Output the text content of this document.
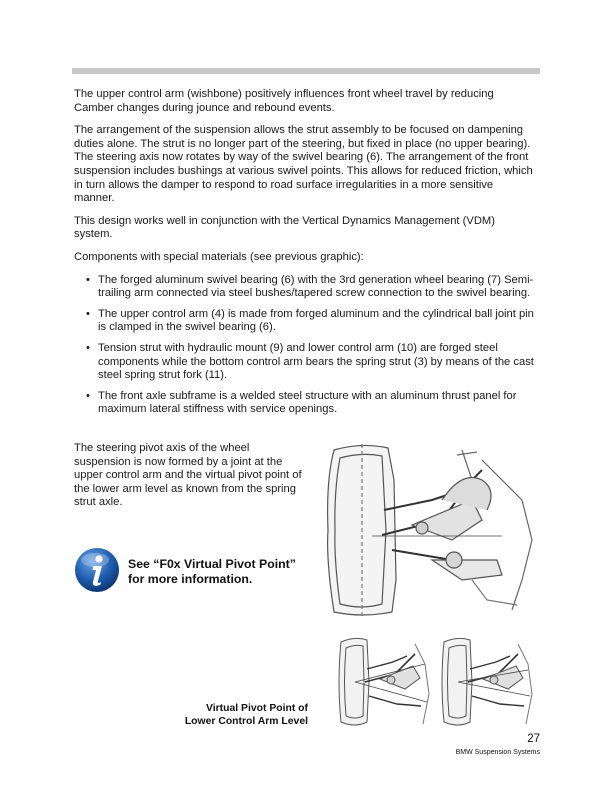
The upper control arm (wishbone) positively influences front wheel travel by reducing Camber changes during jounce and rebound events.

The arrangement of the suspension allows the strut assembly to be focused on dampening duties alone. The strut is no longer part of the steering, but fixed in place (no upper bearing). The steering axis now rotates by way of the swivel bearing (6). The arrangement of the front suspension includes bushings at various swivel points. This allows for reduced friction, which in turn allows the damper to respond to road surface irregularities in a more sensitive manner.

This design works well in conjunction with the Vertical Dynamics Management (VDM) system.

Components with special materials (see previous graphic):

• The forged aluminum swivel bearing (6) with the 3rd generation wheel bearing (7) Semi-trailing arm connected via steel bushes/tapered screw connection to the swivel bearing.
• The upper control arm (4) is made from forged aluminum and the cylindrical ball joint pin is clamped in the swivel bearing (6).
• Tension strut with hydraulic mount (9) and lower control arm (10) are forged steel components while the bottom control arm bears the spring strut (3) by means of the cast steel spring strut fork (11).
• The front axle subframe is a welded steel structure with an aluminum thrust panel for maximum lateral stiffness with service openings.

The steering pivot axis of the wheel suspension is now formed by a joint at the upper control arm and the virtual pivot point of the lower arm level as known from the spring strut axle.

See “F0x Virtual Pivot Point”
for more information.
Virtual Pivot Point of
Lower Control Arm Level
27
BMW Suspension Systems
